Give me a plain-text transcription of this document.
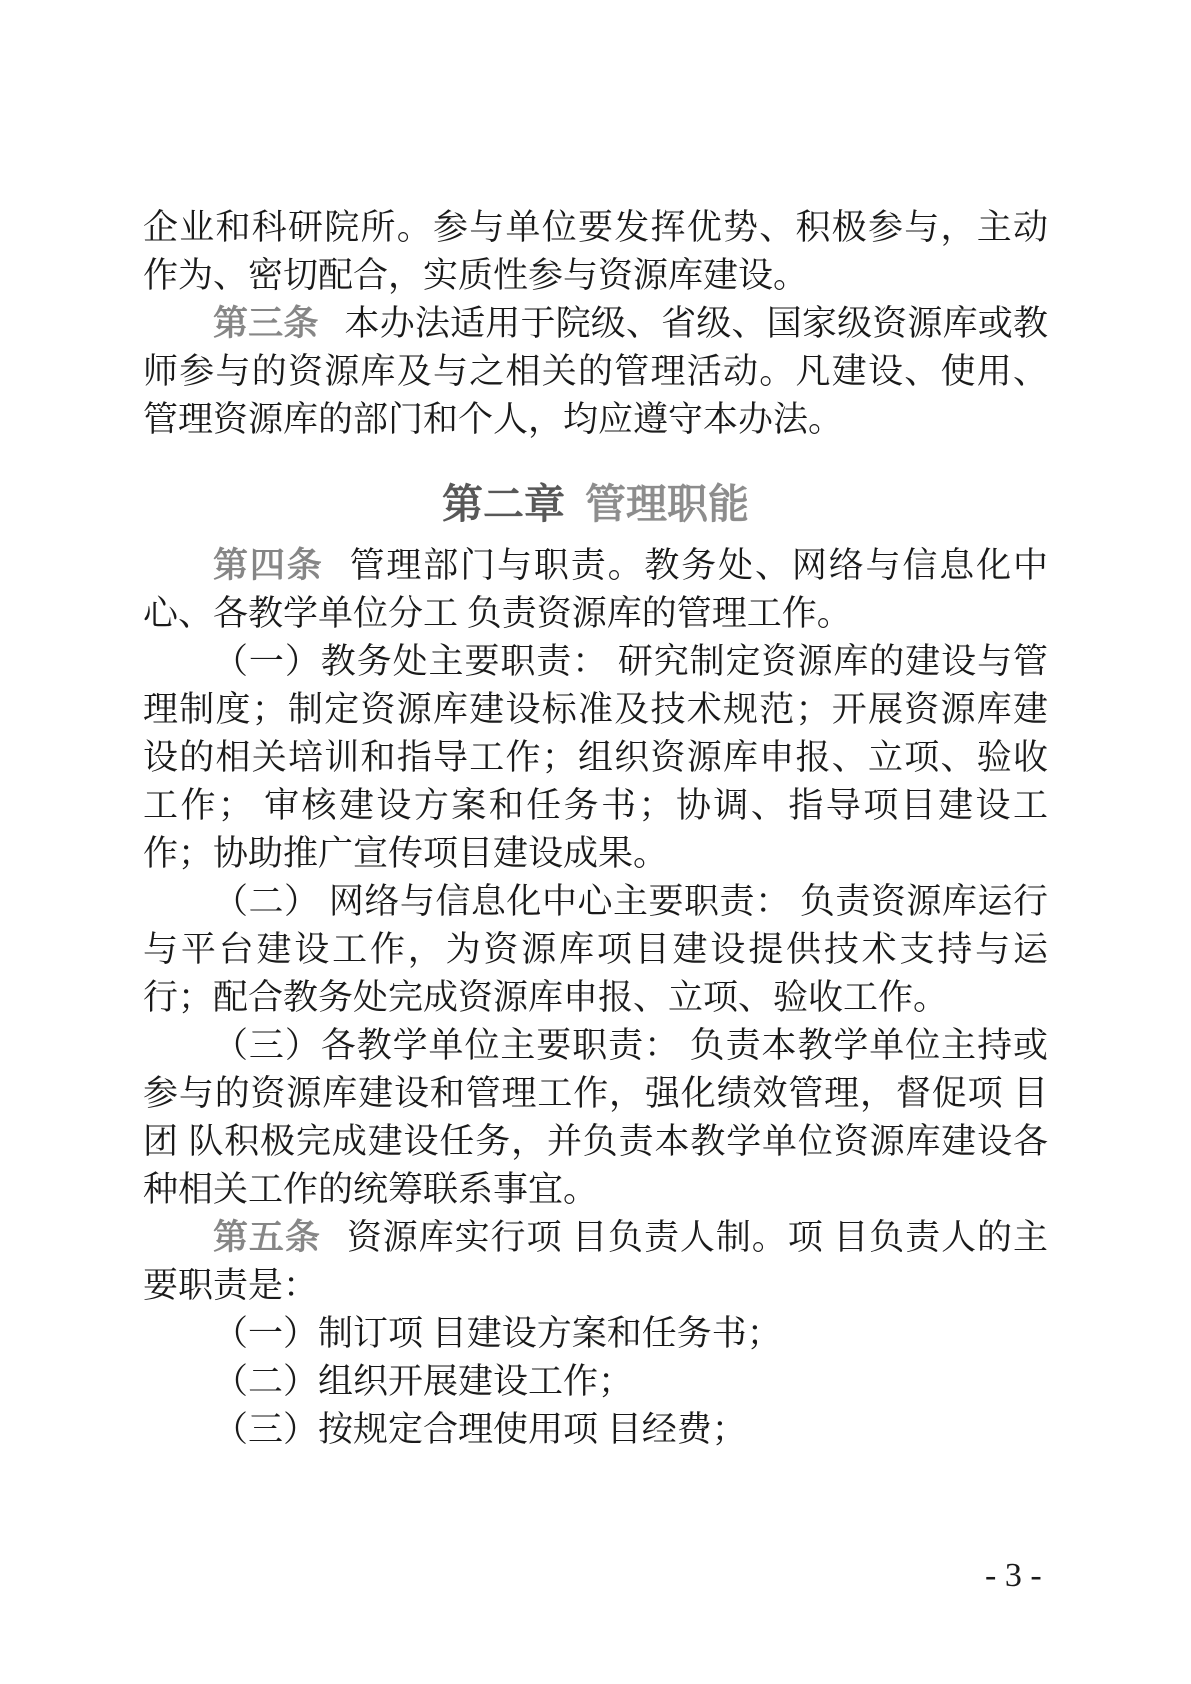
企业和科研院所。参与单位要发挥优势、积极参与，主动作为、密切配合，实质性参与资源库建设。

第三条 本办法适用于院级、省级、国家级资源库或教师参与的资源库及与之相关的管理活动。凡建设、使用、管理资源库的部门和个人，均应遵守本办法。

第二章 管理职能

第四条 管理部门与职责。教务处、网络与信息化中心、各教学单位分工 负责资源库的管理工作。

（一）教务处主要职责： 研究制定资源库的建设与管理制度；制定资源库建设标准及技术规范；开展资源库建设的相关培训和指导工作；组织资源库申报、立项、验收工作； 审核建设方案和任务书；协调、指导项目建设工作；协助推广宣传项目建设成果。

（二） 网络与信息化中心主要职责： 负责资源库运行与平台建设工作，为资源库项目建设提供技术支持与运行；配合教务处完成资源库申报、立项、验收工作。

（三）各教学单位主要职责： 负责本教学单位主持或参与的资源库建设和管理工作，强化绩效管理，督促项 目 团 队积极完成建设任务，并负责本教学单位资源库建设各种相关工作的统筹联系事宜。

第五条 资源库实行项 目负责人制。项 目负责人的主要职责是：

（一）制订项 目建设方案和任务书；

（二）组织开展建设工作；

（三）按规定合理使用项 目经费；

- 3 -
